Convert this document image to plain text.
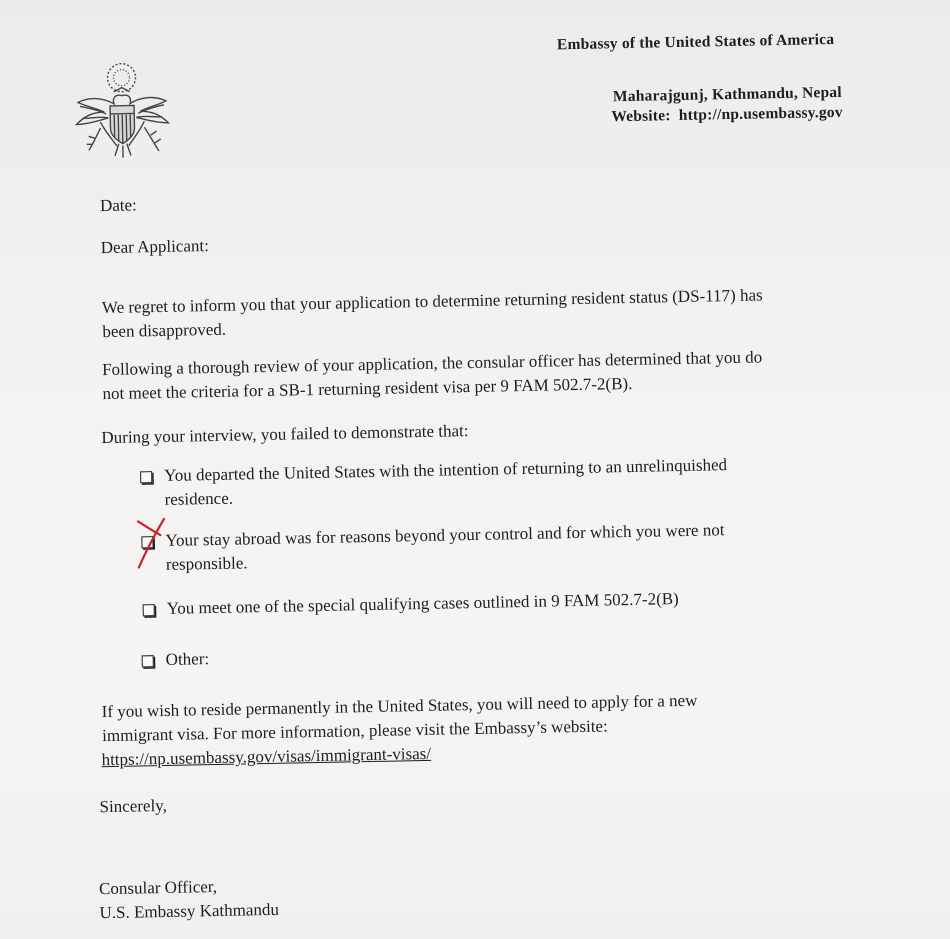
Embassy of the United States of America
Maharajgunj, Kathmandu, Nepal
Website: http://np.usembassy.gov
Date:
Dear Applicant:
We regret to inform you that your application to determine returning resident status (DS-117) has
been disapproved.
Following a thorough review of your application, the consular officer has determined that you do
not meet the criteria for a SB-1 returning resident visa per 9 FAM 502.7-2(B).
During your interview, you failed to demonstrate that:
You departed the United States with the intention of returning to an unrelinquished
residence.
Your stay abroad was for reasons beyond your control and for which you were not
responsible.
You meet one of the special qualifying cases outlined in 9 FAM 502.7-2(B)
Other:
If you wish to reside permanently in the United States, you will need to apply for a new
immigrant visa. For more information, please visit the Embassy’s website:
https://np.usembassy.gov/visas/immigrant-visas/
Sincerely,
Consular Officer,
U.S. Embassy Kathmandu
